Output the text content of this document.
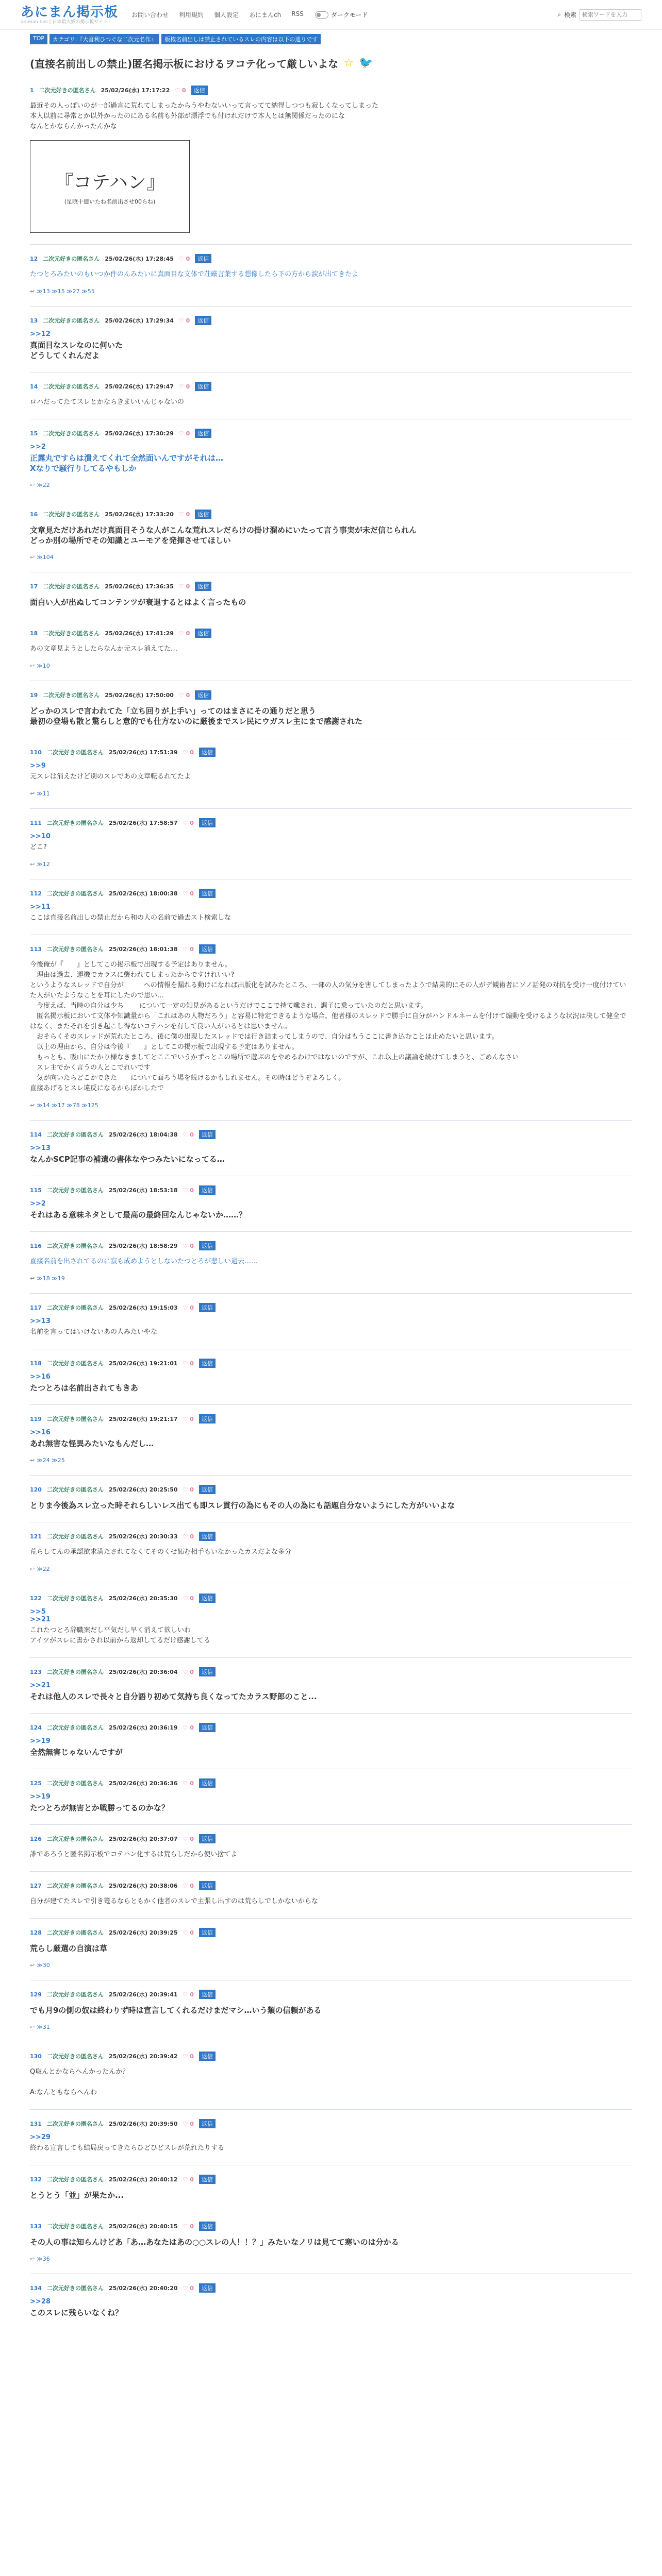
あにまん掲示板
animan bbs | 日本最大級の掲示板サイト
お問い合わせ 利用規約 個人設定 あにまんch RSS	ダークモード	⌕ 検索
検索ワードを入力
TOP	カテゴリ:『大喜利ひつぐな二次元名作』	版権名前出しは禁止されているスレの内容は以下の通りです
(直接名前出しの禁止)匿名掲示板におけるヲコテ化って厳しいよな ☆ 🐦
1 二次元好きの匿名さん 25/02/26(水) 17:17:22 ♡ 0	返信
最近その人っぽいのが一部過言に荒れてしまったからうやむないいって言ってて納得しつつも寂しくなってしまった
本人以前に尋常とか以外かったのにある名前も外部が漂浮でも付けれだけで本人とは無関係だったのにな
なんとかならんかったんかな
『コテハン』
(足暁十億いたね名前出させ00らね)
12 二次元好きの匿名さん 25/02/26(水) 17:28:45 ♡ 0	返信
たつとろみたいのもいつか件のんみたいに真面目な文体で荘厳言葉する想像したら下の方から涙が出てきたよ
↩ ≫13 ≫15 ≫27 ≫55
13 二次元好きの匿名さん 25/02/26(水) 17:29:34 ♡ 0	返信
>>12
真面目なスレなのに何いた
どうしてくれんだよ
14 二次元好きの匿名さん 25/02/26(水) 17:29:47 ♡ 0	返信
ロハだってたてスレとかならきまいいんじゃないの
15 二次元好きの匿名さん 25/02/26(水) 17:30:29 ♡ 0	返信
>>2
正露丸ですらは潰えてくれて全然面いんですがそれは…
Xなりで騒行りしてるやもしか
↩ ≫22
16 二次元好きの匿名さん 25/02/26(水) 17:33:20 ♡ 0	返信
文章見ただけあれだけ真面目そうな人がこんな荒れスレだらけの掛け溜めにいたって言う事実が未だ信じられん
どっか別の場所でその知識とユーモアを発揮させてほしい
↩ ≫104
17 二次元好きの匿名さん 25/02/26(水) 17:36:35 ♡ 0	返信
面白い人が出ぬしてコンテンツが衰退するとはよく言ったもの
18 二次元好きの匿名さん 25/02/26(水) 17:41:29 ♡ 0	返信
あの文章見ようとしたらなんか元スレ消えてた…
↩ ≫10
19 二次元好きの匿名さん 25/02/26(水) 17:50:00 ♡ 0	返信
どっかのスレで言われてた「立ち回りが上手い」ってのはまさにその通りだと思う
最初の登場も散と驚らしと意的でも仕方ないのに厳後までスレ民にウガスレ主にまで感謝された
110 二次元好きの匿名さん 25/02/26(水) 17:51:39 ♡ 0	返信
>>9
元スレは消えたけど別のスレであの文章転るれてたよ
↩ ≫11
111 二次元好きの匿名さん 25/02/26(水) 17:58:57 ♡ 0	返信
>>10
どこ?
↩ ≫12
112 二次元好きの匿名さん 25/02/26(水) 18:00:38 ♡ 0	返信
>>11
ここは直接名前出しの禁止だから和の人の名前で過去スト検索しな
113 二次元好きの匿名さん 25/02/26(水) 18:01:38 ♡ 0	返信
今後俺が『　　』としてこの掲示板で出現する予定はありません。
　理由は過去、運機でカラスに襲われてしまったからですけれいい?
というようなスレッドで自分が　　　への情報を漏れる動けになれば出版化を試みたところ、一部の人の気分を害してしまったようで結果的にその人がデ観術者にソノ話発の対抗を受け一度付けていた人がいたようなことを耳にしたので思い…
　今度えば、当時の自分は少ち　　 について一定の知見があるというだけでここで持て囃され、調子に乗っていたのだと思います。
　匿名掲示板において文体や知識量から「これはあの人物だろう」と容易に特定できるような場合、他者様のスレッドで勝手に自分がハンドルネームを付けて煽動を受けるような状況は決して健全ではなく、またそれを引き起こし得ないコテハンを有して良い人がいるとは思いません。
　おそらくそのスレッドが荒れたところ、後に僕の出現したスレッドでは行き詰まってしまうので、自分はもうここに書き込むことは止めたいと思います。
　以上の理由から、自分は今後『　　』としてこの掲示板で出現する予定はありません。
　もっとも、吸山にたかり様なきましてとここでいうかずっとこの場所で遊ぶのをやめるわけではないのですが、これ以上の議論を続けてしまうと、ごめんなさい
　スレ主でかく言うの人とこでれいです
　気が向いたらどこかできた　　について面ろう場を続けるかもしれません。その時はどうぞよろしく。
直接あげるとスレ違反になるからぼかしたで
↩ ≫14 ≫17 ≫78 ≫125
114 二次元好きの匿名さん 25/02/26(水) 18:04:38 ♡ 0	返信
>>13
なんかSCP記事の補遺の書体なやつみたいになってる…
115 二次元好きの匿名さん 25/02/26(水) 18:53:18 ♡ 0	返信
>>2
それはある意味ネタとして最高の最終回なんじゃないか……？
116 二次元好きの匿名さん 25/02/26(水) 18:58:29 ♡ 0	返信
直接名前を出されてるのに寂も成めようとしないたつとろが悲しい過去……
↩ ≫18 ≫19
117 二次元好きの匿名さん 25/02/26(水) 19:15:03 ♡ 0	返信
>>13
名前を言ってはいけないあの人みたいやな
118 二次元好きの匿名さん 25/02/26(水) 19:21:01 ♡ 0	返信
>>16
たつとろは名前出されてもきあ
119 二次元好きの匿名さん 25/02/26(水) 19:21:17 ♡ 0	返信
>>16
あれ無害な怪異みたいなもんだし…
↩ ≫24 ≫25
120 二次元好きの匿名さん 25/02/26(水) 20:25:50 ♡ 0	返信
とりま今後為スレ立った時それらしいレス出ても即スレ貫行の為にもその人の為にも話題自分ないようにした方がいいよな
121 二次元好きの匿名さん 25/02/26(水) 20:30:33 ♡ 0	返信
荒らしてんの承認欲求満たされてなくてそのくせ妬む相手もいなかったカスだよな多分
↩ ≫22
122 二次元好きの匿名さん 25/02/26(水) 20:35:30 ♡ 0	返信
>>5
>>21
これたつとろ辞職案だし平気だし早く消えて欲しいわ
アイツがスレに書かされ以前から返却してるだけ感謝してる
123 二次元好きの匿名さん 25/02/26(水) 20:36:04 ♡ 0	返信
>>21
それは他人のスレで長々と自分語り初めて気持ち良くなってたカラス野郎のこと...
124 二次元好きの匿名さん 25/02/26(水) 20:36:19 ♡ 0	返信
>>19
全然無害じゃないんですが
125 二次元好きの匿名さん 25/02/26(水) 20:36:36 ♡ 0	返信
>>19
たつとろが無害とか戦勝ってるのかな？
126 二次元好きの匿名さん 25/02/26(水) 20:37:07 ♡ 0	返信
誰であろうと匿名掲示板でコテハン化するは荒らしだから使い捨てよ
127 二次元好きの匿名さん 25/02/26(水) 20:38:06 ♡ 0	返信
自分が建てたスレで引き篭るならともかく他者のスレで主張し出すのは荒らしでしかないからな
128 二次元好きの匿名さん 25/02/26(水) 20:39:25 ♡ 0	返信
荒らし厳選の自演は草
↩ ≫30
129 二次元好きの匿名さん 25/02/26(水) 20:39:41 ♡ 0	返信
でも月9の側の奴は終わりず時は宣言してくれるだけまだマシ…いう類の信頼がある
↩ ≫31
130 二次元好きの匿名さん 25/02/26(水) 20:39:42 ♡ 0	返信
Q取んとかならへんかったんか？

A:なんともならへんわ
131 二次元好きの匿名さん 25/02/26(水) 20:39:50 ♡ 0	返信
>>29
終わる宣言しても結局戻ってきたらひどひどスレが荒れたりする
132 二次元好きの匿名さん 25/02/26(水) 20:40:12 ♡ 0	返信
とうとう「並」が果たか...
133 二次元好きの匿名さん 25/02/26(水) 20:40:15 ♡ 0	返信
その人の事は知らんけどあ「あ…あなたはあの○○スレの人！！？」みたいなノリは見てて寒いのは分かる
↩ ≫36
134 二次元好きの匿名さん 25/02/26(水) 20:40:20 ♡ 0	返信
>>28
このスレに残らいなくね？
